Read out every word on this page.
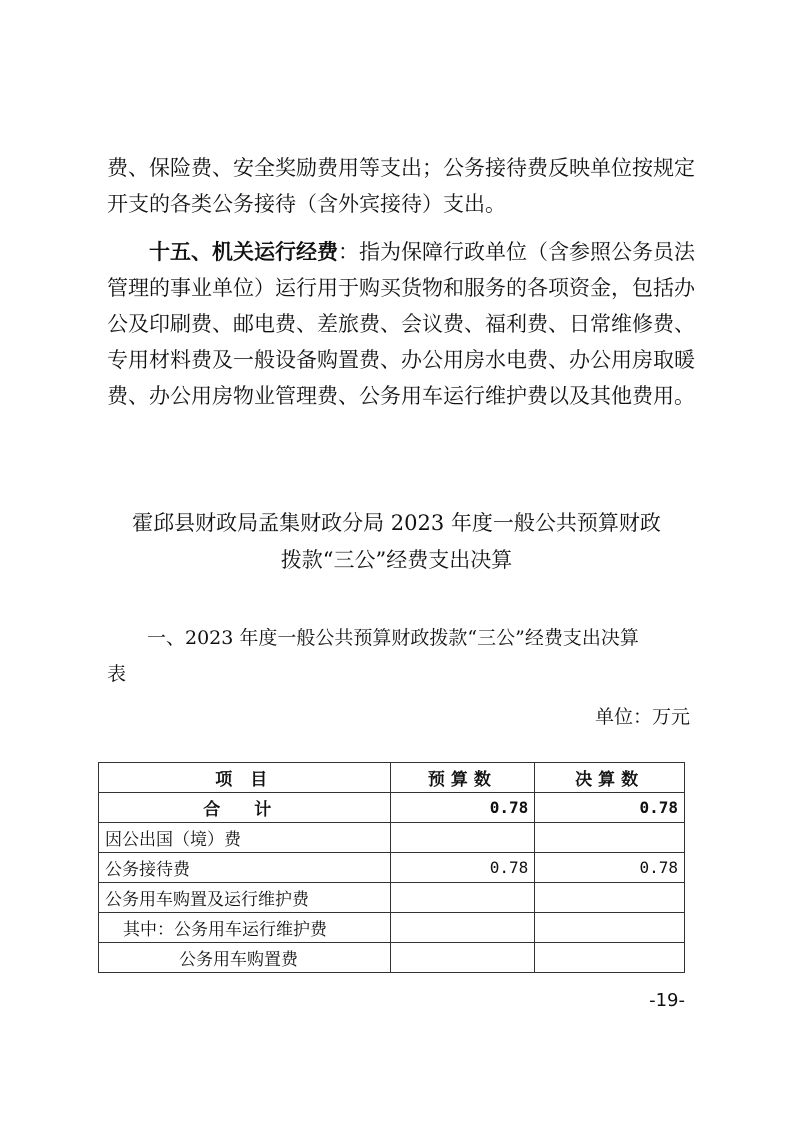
费、保险费、安全奖励费用等支出；公务接待费反映单位按规定
开支的各类公务接待（含外宾接待）支出。
十五、机关运行经费：指为保障行政单位（含参照公务员法
管理的事业单位）运行用于购买货物和服务的各项资金，包括办
公及印刷费、邮电费、差旅费、会议费、福利费、日常维修费、
专用材料费及一般设备购置费、办公用房水电费、办公用房取暖
费、办公用房物业管理费、公务用车运行维护费以及其他费用。
霍邱县财政局孟集财政分局 2023 年度一般公共预算财政
拨款“三公”经费支出决算
一、2023 年度一般公共预算财政拨款“三公”经费支出决算
表
单位：万元
项 目	预算数	决算数
合 计	0.78	0.78
因公出国（境）费		
公务接待费	0.78	0.78
公务用车购置及运行维护费		
其中：公务用车运行维护费		
公务用车购置费		
-19-
